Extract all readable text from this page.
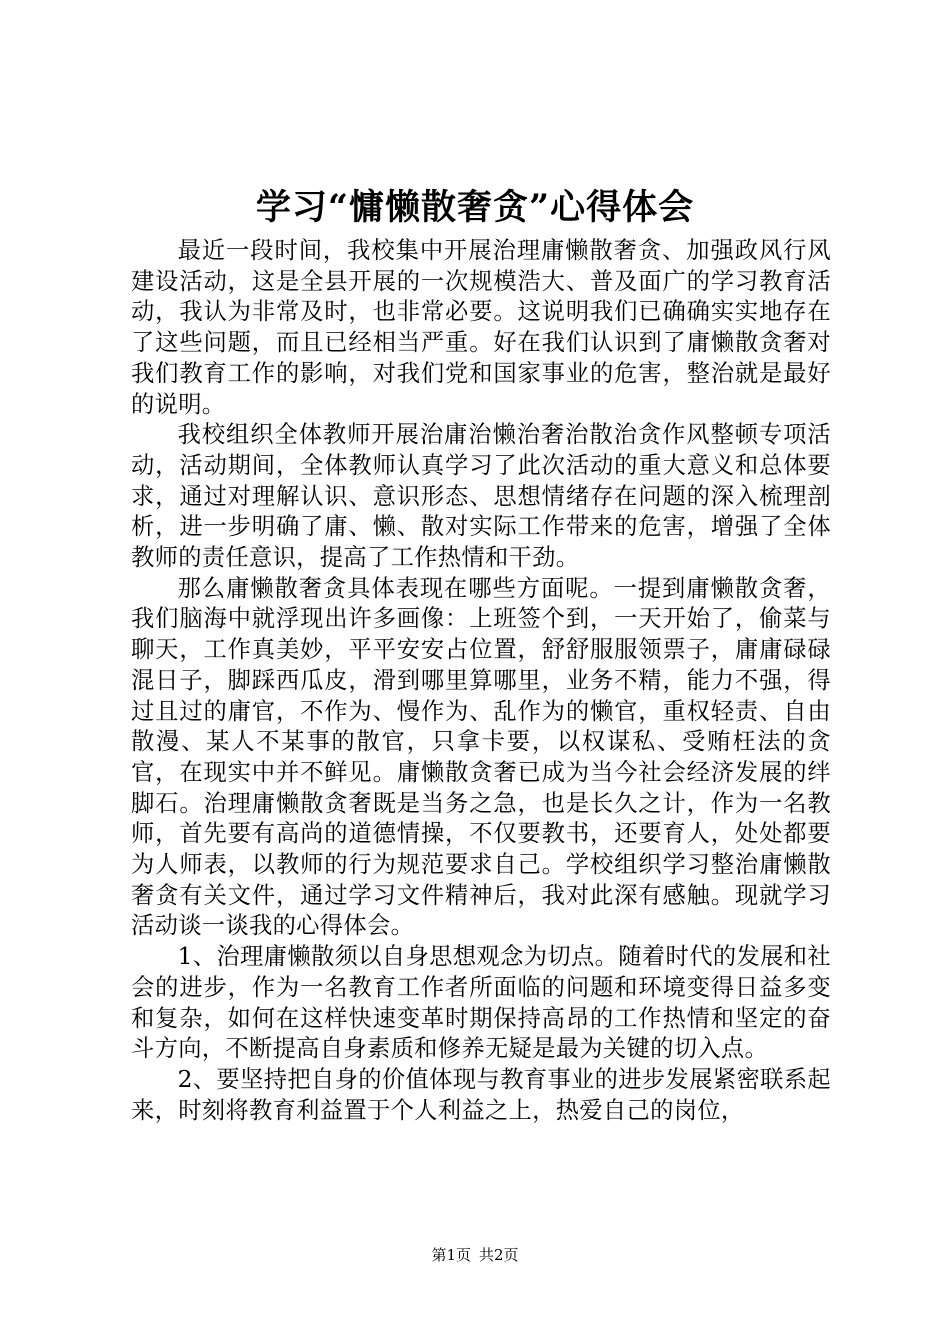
学习“慵懒散奢贪”心得体会

最近一段时间，我校集中开展治理庸懒散奢贪、加强政风行风建设活动，这是全县开展的一次规模浩大、普及面广的学习教育活动，我认为非常及时，也非常必要。这说明我们已确确实实地存在了这些问题，而且已经相当严重。好在我们认识到了庸懒散贪奢对我们教育工作的影响，对我们党和国家事业的危害，整治就是最好的说明。

我校组织全体教师开展治庸治懒治奢治散治贪作风整顿专项活动，活动期间，全体教师认真学习了此次活动的重大意义和总体要求，通过对理解认识、意识形态、思想情绪存在问题的深入梳理剖析，进一步明确了庸、懒、散对实际工作带来的危害，增强了全体教师的责任意识，提高了工作热情和干劲。

那么庸懒散奢贪具体表现在哪些方面呢。一提到庸懒散贪奢，我们脑海中就浮现出许多画像：上班签个到，一天开始了，偷菜与聊天，工作真美妙，平平安安占位置，舒舒服服领票子，庸庸碌碌混日子，脚踩西瓜皮，滑到哪里算哪里，业务不精，能力不强，得过且过的庸官，不作为、慢作为、乱作为的懒官，重权轻责、自由散漫、某人不某事的散官，只拿卡要，以权谋私、受贿枉法的贪官，在现实中并不鲜见。庸懒散贪奢已成为当今社会经济发展的绊脚石。治理庸懒散贪奢既是当务之急，也是长久之计，作为一名教师，首先要有高尚的道德情操，不仅要教书，还要育人，处处都要为人师表，以教师的行为规范要求自己。学校组织学习整治庸懒散奢贪有关文件，通过学习文件精神后，我对此深有感触。现就学习活动谈一谈我的心得体会。

1、治理庸懒散须以自身思想观念为切点。随着时代的发展和社会的进步，作为一名教育工作者所面临的问题和环境变得日益多变和复杂，如何在这样快速变革时期保持高昂的工作热情和坚定的奋斗方向，不断提高自身素质和修养无疑是最为关键的切入点。

2、要坚持把自身的价值体现与教育事业的进步发展紧密联系起来，时刻将教育利益置于个人利益之上，热爱自己的岗位，

第1页 共2页
